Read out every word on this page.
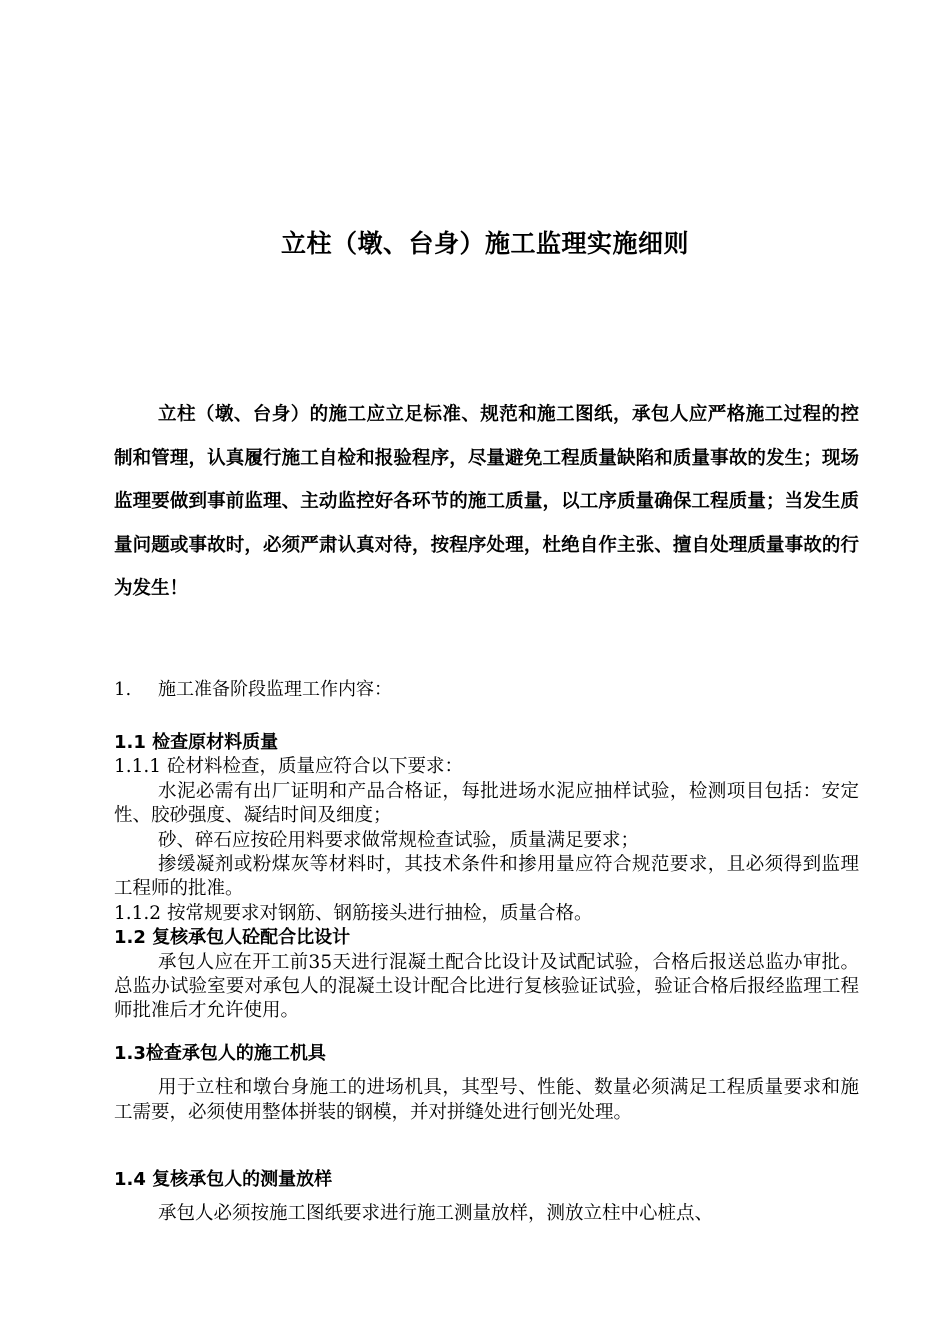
立柱（墩、台身）施工监理实施细则

立柱（墩、台身）的施工应立足标准、规范和施工图纸，承包人应严格施工过程的控制和管理，认真履行施工自检和报验程序，尽量避免工程质量缺陷和质量事故的发生；现场监理要做到事前监理、主动监控好各环节的施工质量，以工序质量确保工程质量；当发生质量问题或事故时，必须严肃认真对待，按程序处理，杜绝自作主张、擅自处理质量事故的行为发生！

1. 施工准备阶段监理工作内容：

1.1 检查原材料质量

1.1.1 砼材料检查，质量应符合以下要求：

水泥必需有出厂证明和产品合格证，每批进场水泥应抽样试验，检测项目包括：安定性、胶砂强度、凝结时间及细度；

砂、碎石应按砼用料要求做常规检查试验，质量满足要求；

掺缓凝剂或粉煤灰等材料时，其技术条件和掺用量应符合规范要求，且必须得到监理工程师的批准。

1.1.2 按常规要求对钢筋、钢筋接头进行抽检，质量合格。

1.2 复核承包人砼配合比设计

承包人应在开工前35天进行混凝土配合比设计及试配试验，合格后报送总监办审批。总监办试验室要对承包人的混凝土设计配合比进行复核验证试验，验证合格后报经监理工程师批准后才允许使用。

1.3检查承包人的施工机具

用于立柱和墩台身施工的进场机具，其型号、性能、数量必须满足工程质量要求和施工需要，必须使用整体拼装的钢模，并对拼缝处进行刨光处理。

1.4 复核承包人的测量放样

承包人必须按施工图纸要求进行施工测量放样，测放立柱中心桩点、
